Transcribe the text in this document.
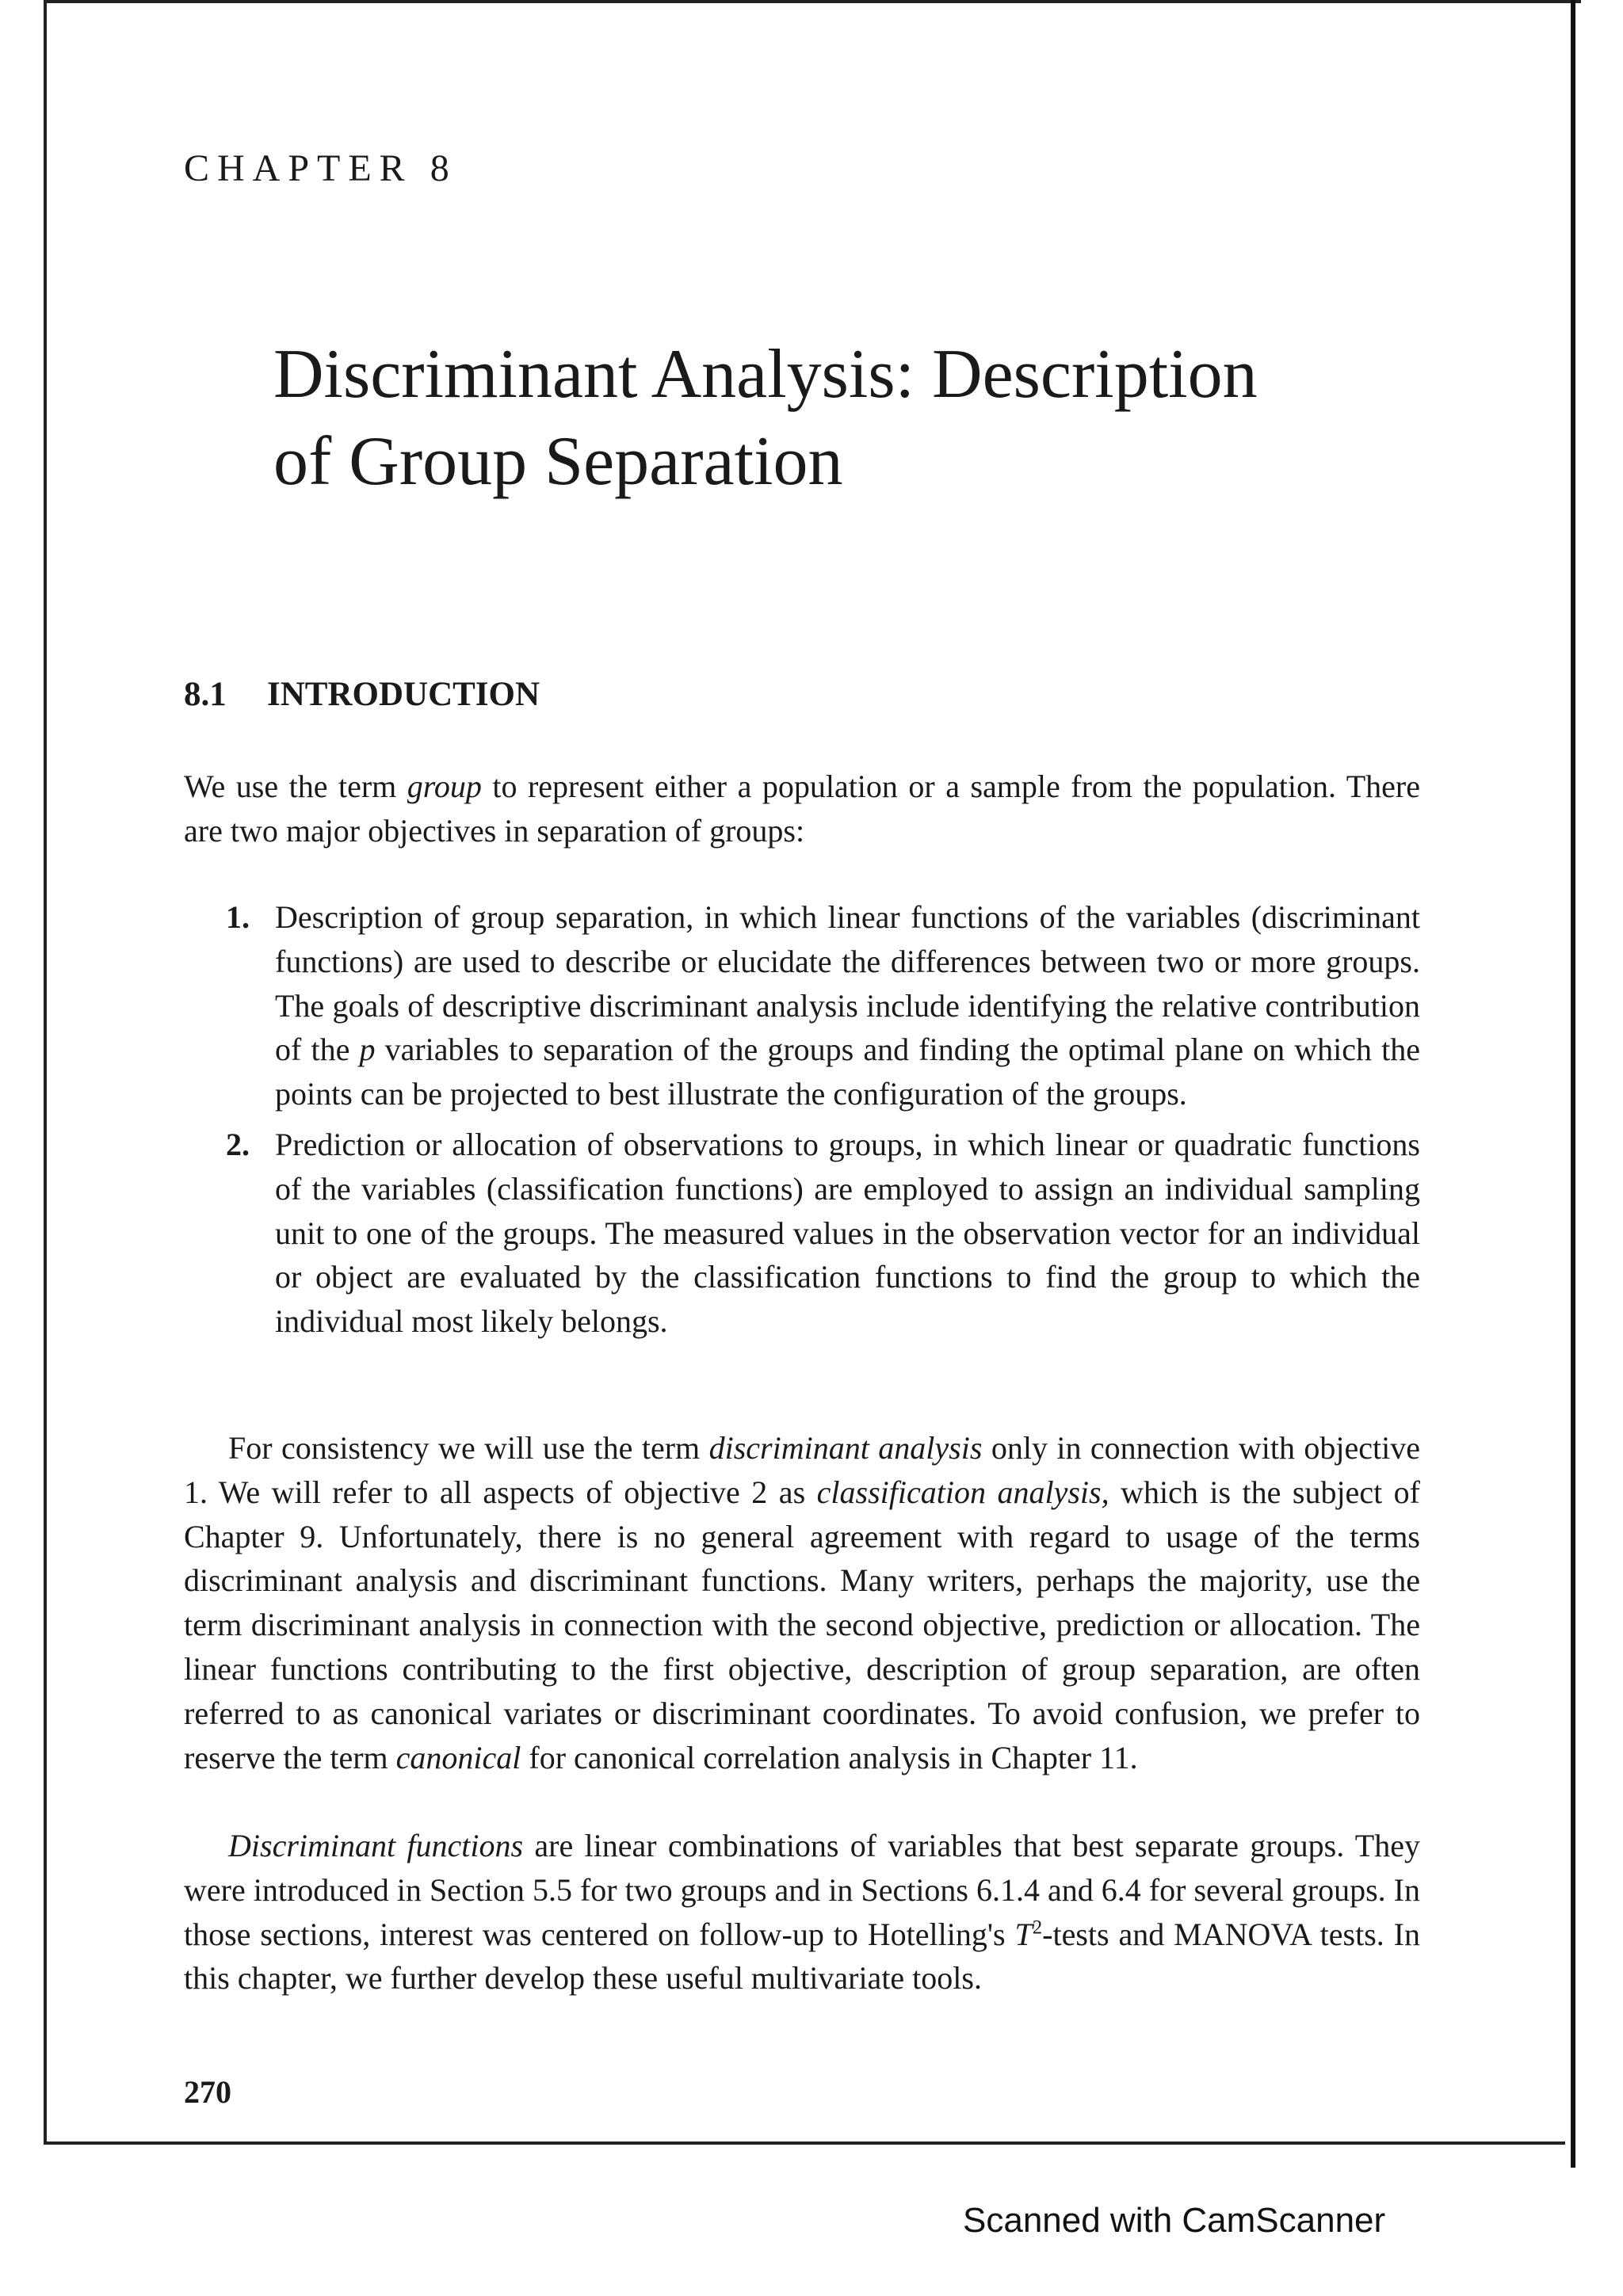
CHAPTER 8
Discriminant Analysis: Description
of Group Separation
8.1 INTRODUCTION

We use the term group to represent either a population or a sample from the population. There are two major objectives in separation of groups:

1. Description of group separation, in which linear functions of the variables (discriminant functions) are used to describe or elucidate the differences between two or more groups. The goals of descriptive discriminant analysis include identifying the relative contribution of the p variables to separation of the groups and finding the optimal plane on which the points can be projected to best illustrate the configuration of the groups.
2. Prediction or allocation of observations to groups, in which linear or quadratic functions of the variables (classification functions) are employed to assign an individual sampling unit to one of the groups. The measured values in the observation vector for an individual or object are evaluated by the classification functions to find the group to which the individual most likely belongs.

For consistency we will use the term discriminant analysis only in connection with objective 1. We will refer to all aspects of objective 2 as classification analysis, which is the subject of Chapter 9. Unfortunately, there is no general agreement with regard to usage of the terms discriminant analysis and discriminant functions. Many writers, perhaps the majority, use the term discriminant analysis in connection with the second objective, prediction or allocation. The linear functions contributing to the first objective, description of group separation, are often referred to as canonical variates or discriminant coordinates. To avoid confusion, we prefer to reserve the term canonical for canonical correlation analysis in Chapter 11.

Discriminant functions are linear combinations of variables that best separate groups. They were introduced in Section 5.5 for two groups and in Sections 6.1.4 and 6.4 for several groups. In those sections, interest was centered on follow-up to Hotelling's $T^2$-tests and MANOVA tests. In this chapter, we further develop these useful multivariate tools.

270
Scanned with CamScanner
